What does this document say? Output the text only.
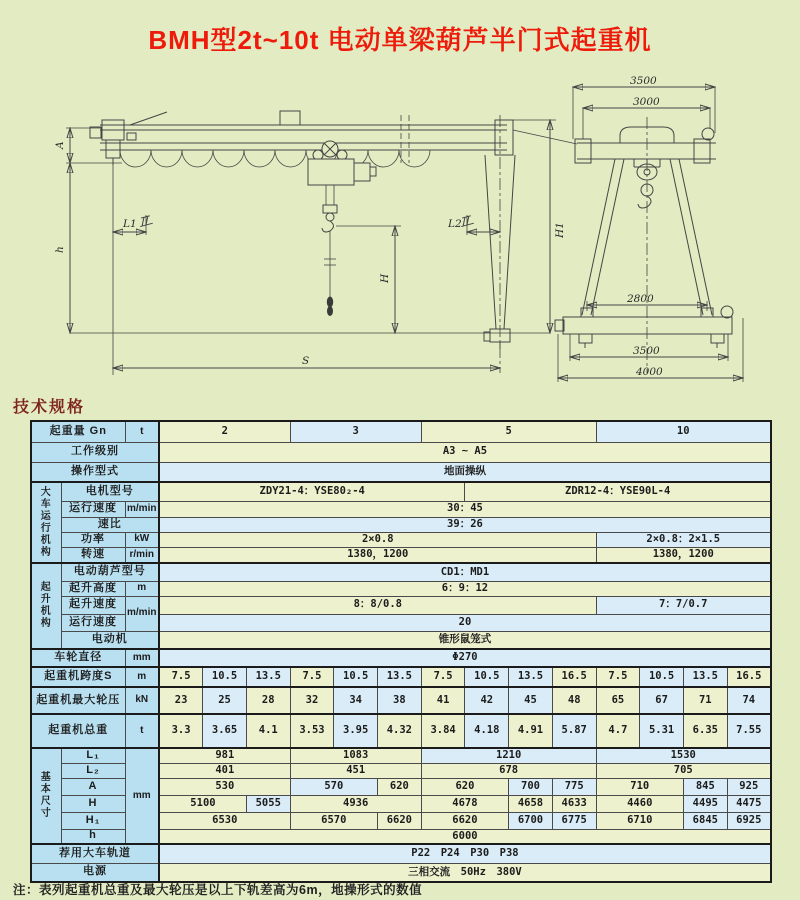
BMH型2t~10t 电动单梁葫芦半门式起重机
A
h
L1	L2
H
S
H1
3500
3000
2800
3500
4000
技术规格
起重量 Gn		t	2			3			5				10			
工作级别			A3 ~ A5													
操作型式			地面操纵													
大车运行机构	电机型号		ZDY21-4：YSE80₂-4							ZDR12-4：YSE90L-4						
	运行速度	m/min	30：45													
	速比		39：26													
	功率	kW	2×0.8										2×0.8：2×1.5			
	转速	r/min	1380，1200										1380，1200			
起升机构	电动葫芦型号		CD1：MD1													
	起升高度	m	6：9：12													
	起升速度	m/min	8：8/0.8										7：7/0.7			
	运行速度		20													
	电动机		锥形鼠笼式													
车轮直径		mm	Φ270													
起重机跨度S		m	7.5	10.5	13.5	7.5	10.5	13.5	7.5	10.5	13.5	16.5	7.5	10.5	13.5	16.5
起重机最大轮压		kN	23	25	28	32	34	38	41	42	45	48	65	67	71	74
起重机总重		t	3.3	3.65	4.1	3.53	3.95	4.32	3.84	4.18	4.91	5.87	4.7	5.31	6.35	7.55
基本尺寸	L₁	mm	981			1083			1210				1530			
	L₂		401			451			678				705			
	A		530			570		620	620		700	775	710		845	925
	H		5100		5055	4936			4678		4658	4633	4460		4495	4475
	H₁		6530			6570		6620	6620		6700	6775	6710		6845	6925
	h		6000													
荐用大车轨道			P22　P24　P30　P38													
电源			三相交流　50Hz　380V													
注：表列起重机总重及最大轮压是以上下轨差高为6m，地操形式的数值
